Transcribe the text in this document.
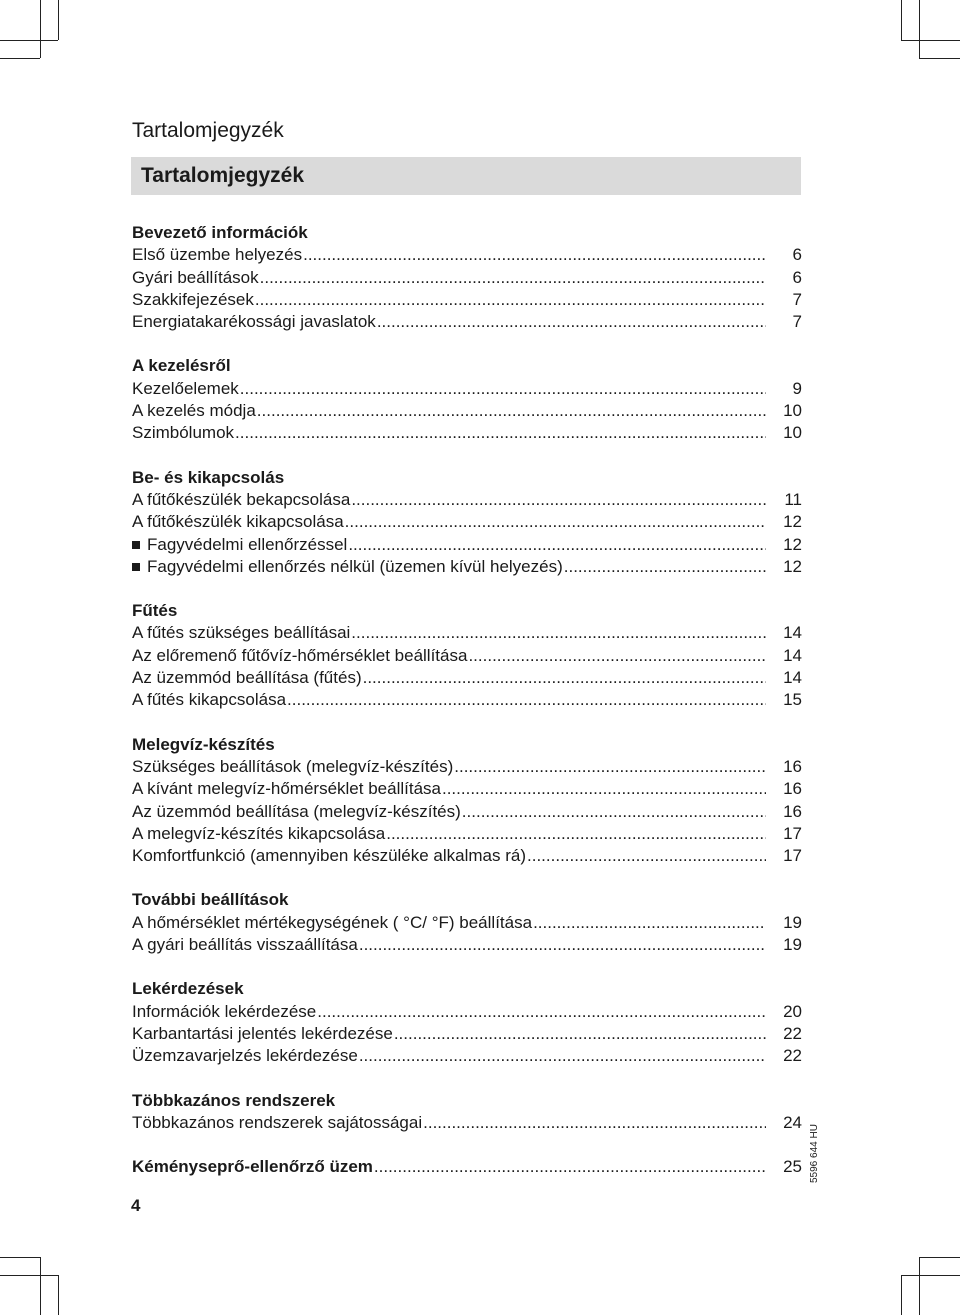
Tartalomjegyzék
Tartalomjegyzék
Bevezető információk
Első üzembe helyezés .....	6
Gyári beállítások .....	6
Szakkifejezések .....	7
Energiatakarékossági javaslatok .....	7
A kezelésről
Kezelőelemek .....	9
A kezelés módja .....	10
Szimbólumok .....	10
Be- és kikapcsolás
A fűtőkészülék bekapcsolása .....	11
A fűtőkészülék kikapcsolása .....	12
Fagyvédelmi ellenőrzéssel .....	12
Fagyvédelmi ellenőrzés nélkül (üzemen kívül helyezés) .....	12
Fűtés
A fűtés szükséges beállításai .....	14
Az előremenő fűtővíz-hőmérséklet beállítása .....	14
Az üzemmód beállítása (fűtés) .....	14
A fűtés kikapcsolása .....	15
Melegvíz-készítés
Szükséges beállítások (melegvíz-készítés) .....	16
A kívánt melegvíz-hőmérséklet beállítása .....	16
Az üzemmód beállítása (melegvíz-készítés) .....	16
A melegvíz-készítés kikapcsolása .....	17
Komfortfunkció (amennyiben készüléke alkalmas rá) .....	17
További beállítások
A hőmérséklet mértékegységének ( °C/ °F) beállítása .....	19
A gyári beállítás visszaállítása .....	19
Lekérdezések
Információk lekérdezése .....	20
Karbantartási jelentés lekérdezése .....	22
Üzemzavarjelzés lekérdezése .....	22
Többkazános rendszerek
Többkazános rendszerek sajátosságai .....	24
Kéményseprő-ellenőrző üzem .....	25
4
5596 644 HU
